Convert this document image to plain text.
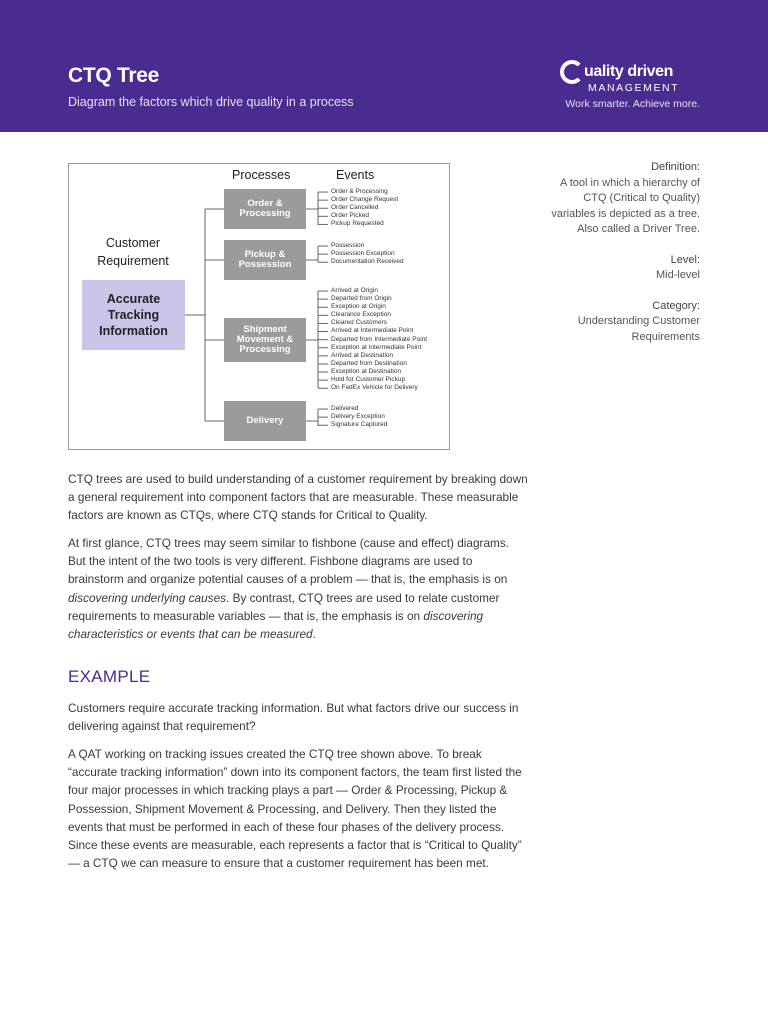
CTQ Tree
Diagram the factors which drive quality in a process
uality driven
MANAGEMENT
Work smarter. Achieve more.
Processes	Events
Customer Requirement
Accurate Tracking Information
Order & Processing
Pickup & Possession
Shipment Movement & Processing
Delivery
Order & Processing
Order Change Request
Order Cancelled
Order Picked
Pickup Requested
Possession
Possession Exception
Documentation Received
Arrived at Origin
Departed from Origin
Exception at Origin
Clearance Exception
Cleared Customers
Arrived at Intermediate Point
Departed from Intermediate Point
Exception at Intermediate Point
Arrived at Destination
Departed from Destination
Exception at Destination
Hold for Customer Pickup
On FedEx Vehicle for Delivery
Delivered
Delivery Exception
Signature Captured
Definition:
A tool in which a hierarchy of CTQ (Critical to Quality) variables is depicted as a tree. Also called a Driver Tree.
Level:
Mid-level
Category:
Understanding Customer Requirements

CTQ trees are used to build understanding of a customer requirement by breaking down a general requirement into component factors that are measurable. These measurable factors are known as CTQs, where CTQ stands for Critical to Quality.

At first glance, CTQ trees may seem similar to fishbone (cause and effect) diagrams. But the intent of the two tools is very different. Fishbone diagrams are used to brainstorm and organize potential causes of a problem — that is, the emphasis is on discovering underlying causes. By contrast, CTQ trees are used to relate customer requirements to measurable variables — that is, the emphasis is on discovering characteristics or events that can be measured.

EXAMPLE

Customers require accurate tracking information. But what factors drive our success in delivering against that requirement?

A QAT working on tracking issues created the CTQ tree shown above. To break “accurate tracking information” down into its component factors, the team first listed the four major processes in which tracking plays a part — Order & Processing, Pickup & Possession, Shipment Movement & Processing, and Delivery. Then they listed the events that must be performed in each of these four phases of the delivery process. Since these events are measurable, each represents a factor that is “Critical to Quality” — a CTQ we can measure to ensure that a customer requirement has been met.
